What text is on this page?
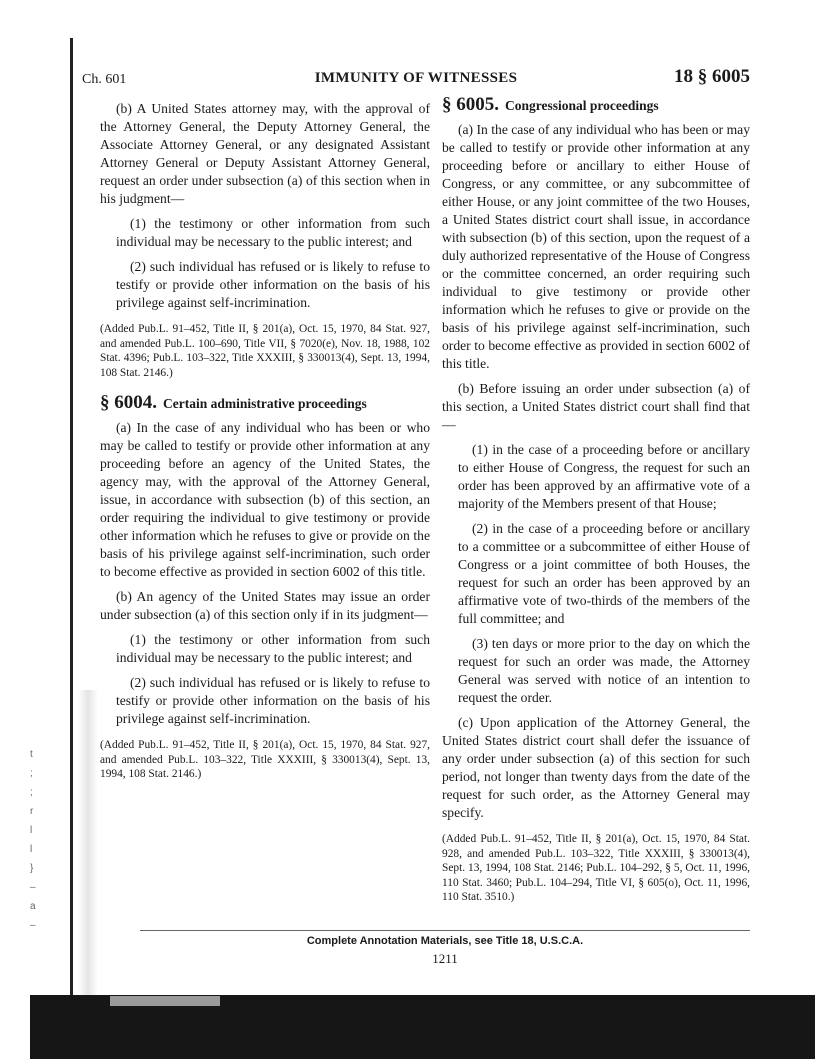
t
;
;
r
l
l
}
–
a
–
Ch. 601	IMMUNITY OF WITNESSES	18 § 6005

(b) A United States attorney may, with the approval of the Attorney General, the Deputy Attorney General, the Associate Attorney General, or any designated Assistant Attorney General or Deputy Assistant Attorney General, request an order under subsection (a) of this section when in his judgment—

(1) the testimony or other information from such individual may be necessary to the public interest; and

(2) such individual has refused or is likely to refuse to testify or provide other information on the basis of his privilege against self-incrimination.

(Added Pub.L. 91–452, Title II, § 201(a), Oct. 15, 1970, 84 Stat. 927, and amended Pub.L. 100–690, Title VII, § 7020(e), Nov. 18, 1988, 102 Stat. 4396; Pub.L. 103–322, Title XXXIII, § 330013(4), Sept. 13, 1994, 108 Stat. 2146.)

§ 6004. Certain administrative proceedings

(a) In the case of any individual who has been or who may be called to testify or provide other information at any proceeding before an agency of the United States, the agency may, with the approval of the Attorney General, issue, in accordance with subsection (b) of this section, an order requiring the individual to give testimony or provide other information which he refuses to give or provide on the basis of his privilege against self-incrimination, such order to become effective as provided in section 6002 of this title.

(b) An agency of the United States may issue an order under subsection (a) of this section only if in its judgment—

(1) the testimony or other information from such individual may be necessary to the public interest; and

(2) such individual has refused or is likely to refuse to testify or provide other information on the basis of his privilege against self-incrimination.

(Added Pub.L. 91–452, Title II, § 201(a), Oct. 15, 1970, 84 Stat. 927, and amended Pub.L. 103–322, Title XXXIII, § 330013(4), Sept. 13, 1994, 108 Stat. 2146.)

§ 6005. Congressional proceedings

(a) In the case of any individual who has been or may be called to testify or provide other information at any proceeding before or ancillary to either House of Congress, or any committee, or any subcommittee of either House, or any joint committee of the two Houses, a United States district court shall issue, in accordance with subsection (b) of this section, upon the request of a duly authorized representative of the House of Congress or the committee concerned, an order requiring such individual to give testimony or provide other information which he refuses to give or provide on the basis of his privilege against self-incrimination, such order to become effective as provided in section 6002 of this title.

(b) Before issuing an order under subsection (a) of this section, a United States district court shall find that—

(1) in the case of a proceeding before or ancillary to either House of Congress, the request for such an order has been approved by an affirmative vote of a majority of the Members present of that House;

(2) in the case of a proceeding before or ancillary to a committee or a subcommittee of either House of Congress or a joint committee of both Houses, the request for such an order has been approved by an affirmative vote of two-thirds of the members of the full committee; and

(3) ten days or more prior to the day on which the request for such an order was made, the Attorney General was served with notice of an intention to request the order.

(c) Upon application of the Attorney General, the United States district court shall defer the issuance of any order under subsection (a) of this section for such period, not longer than twenty days from the date of the request for such order, as the Attorney General may specify.

(Added Pub.L. 91–452, Title II, § 201(a), Oct. 15, 1970, 84 Stat. 928, and amended Pub.L. 103–322, Title XXXIII, § 330013(4), Sept. 13, 1994, 108 Stat. 2146; Pub.L. 104–292, § 5, Oct. 11, 1996, 110 Stat. 3460; Pub.L. 104–294, Title VI, § 605(o), Oct. 11, 1996, 110 Stat. 3510.)

Complete Annotation Materials, see Title 18, U.S.C.A.
1211
